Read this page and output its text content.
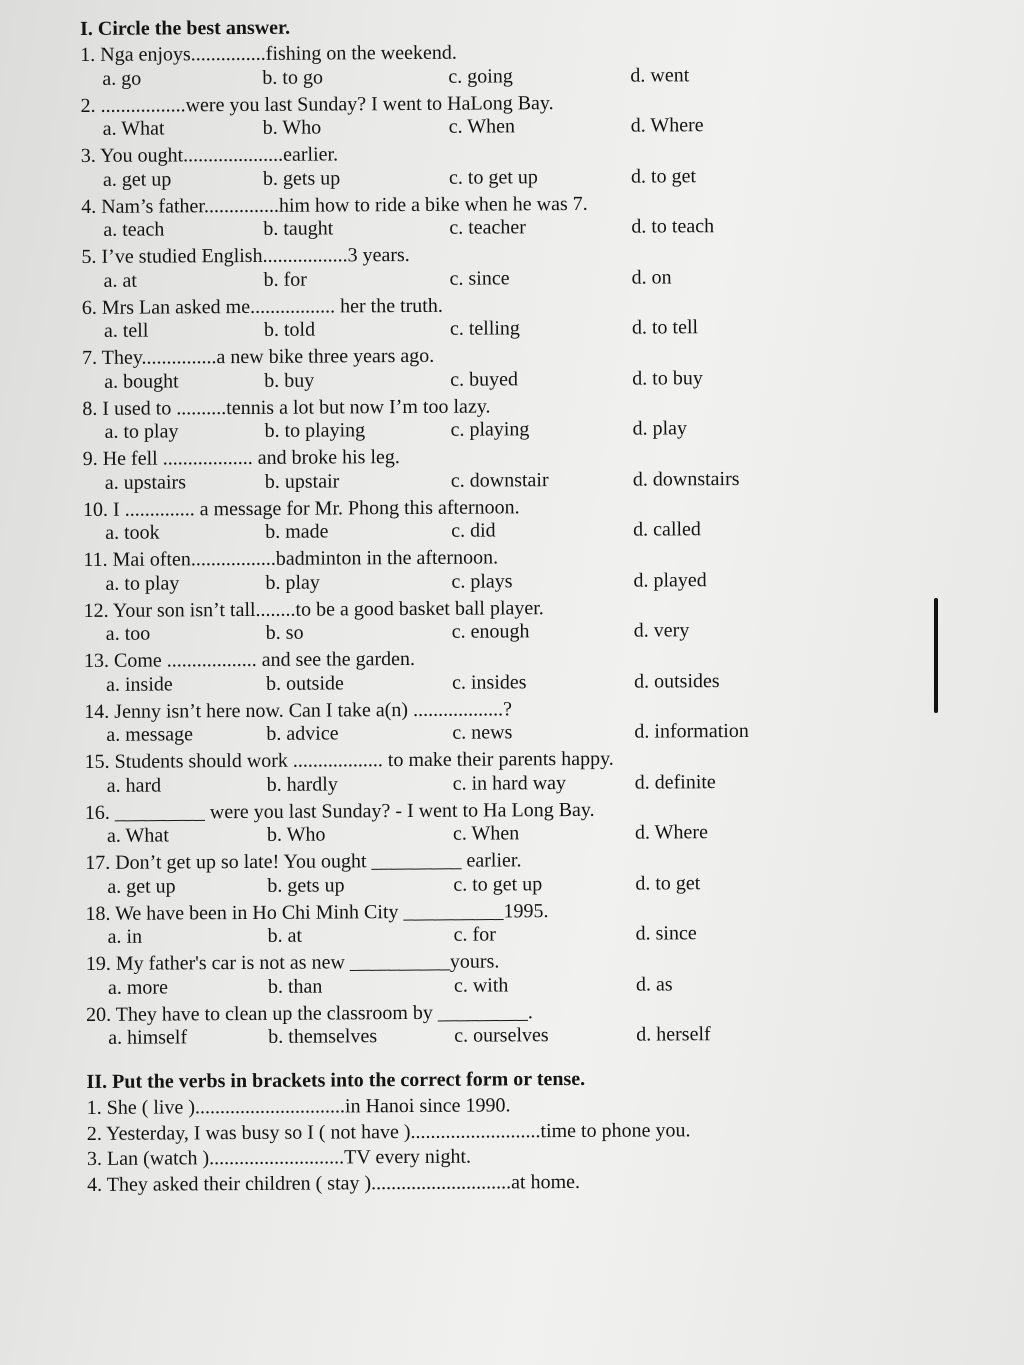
I. Circle the best answer.
1. Nga enjoys...............fishing on the weekend.
a. go	b. to go	c. going	d. went
2. .................were you last Sunday? I went to HaLong Bay.
a. What	b. Who	c. When	d. Where
3. You ought....................earlier.
a. get up	b. gets up	c. to get up	d. to get
4. Nam’s father...............him how to ride a bike when he was 7.
a. teach	b. taught	c. teacher	d. to teach
5. I’ve studied English.................3 years.
a. at	b. for	c. since	d. on
6. Mrs Lan asked me................. her the truth.
a. tell	b. told	c. telling	d. to tell
7. They...............a new bike three years ago.
a. bought	b. buy	c. buyed	d. to buy
8. I used to ..........tennis a lot but now I’m too lazy.
a. to play	b. to playing	c. playing	d. play
9. He fell .................. and broke his leg.
a. upstairs	b. upstair	c. downstair	d. downstairs
10. I .............. a message for Mr. Phong this afternoon.
a. took	b. made	c. did	d. called
11. Mai often.................badminton in the afternoon.
a. to play	b. play	c. plays	d. played
12. Your son isn’t tall........to be a good basket ball player.
a. too	b. so	c. enough	d. very
13. Come .................. and see the garden.
a. inside	b. outside	c. insides	d. outsides
14. Jenny isn’t here now. Can I take a(n) ..................?
a. message	b. advice	c. news	d. information
15. Students should work .................. to make their parents happy.
a. hard	b. hardly	c. in hard way	d. definite
16. _________ were you last Sunday? - I went to Ha Long Bay.
a. What	b. Who	c. When	d. Where
17. Don’t get up so late! You ought _________ earlier.
a. get up	b. gets up	c. to get up	d. to get
18. We have been in Ho Chi Minh City __________1995.
a. in	b. at	c. for	d. since
19. My father's car is not as new __________yours.
a. more	b. than	c. with	d. as
20. They have to clean up the classroom by _________.
a. himself	b. themselves	c. ourselves	d. herself
II. Put the verbs in brackets into the correct form or tense.
1. She ( live )..............................in Hanoi since 1990.
2. Yesterday, I was busy so I ( not have )..........................time to phone you.
3. Lan (watch )...........................TV every night.
4. They asked their children ( stay )............................at home.
